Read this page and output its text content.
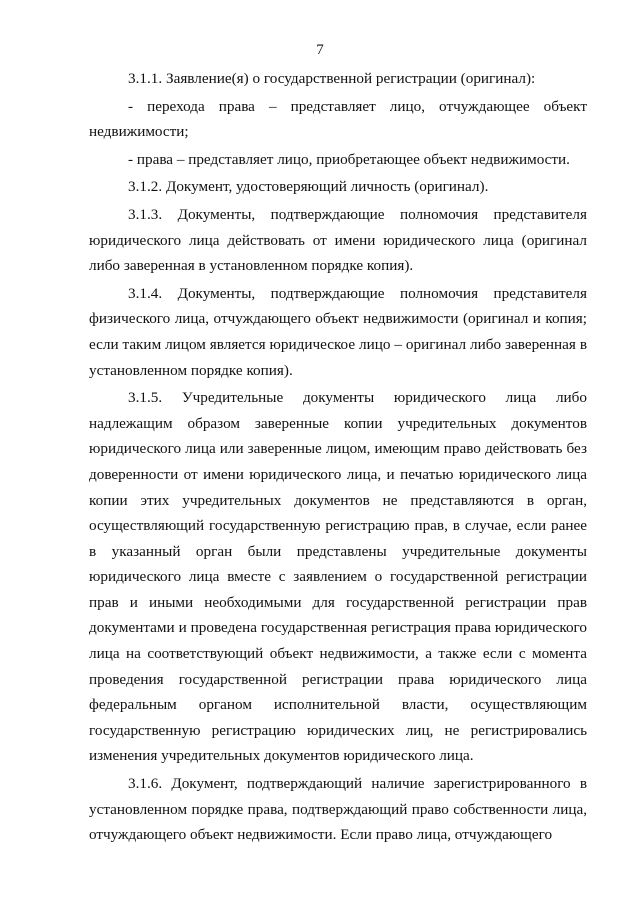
7

3.1.1. Заявление(я) о государственной регистрации (оригинал):

- перехода права – представляет лицо, отчуждающее объект недвижимости;

- права – представляет лицо, приобретающее объект недвижимости.

3.1.2. Документ, удостоверяющий личность (оригинал).

3.1.3. Документы, подтверждающие полномочия представителя юридического лица действовать от имени юридического лица (оригинал либо заверенная в установленном порядке копия).

3.1.4. Документы, подтверждающие полномочия представителя физического лица, отчуждающего объект недвижимости (оригинал и копия; если таким лицом является юридическое лицо – оригинал либо заверенная в установленном порядке копия).

3.1.5. Учредительные документы юридического лица либо надлежащим образом заверенные копии учредительных документов юридического лица или заверенные лицом, имеющим право действовать без доверенности от имени юридического лица, и печатью юридического лица копии этих учредительных документов не представляются в орган, осуществляющий государственную регистрацию прав, в случае, если ранее в указанный орган были представлены учредительные документы юридического лица вместе с заявлением о государственной регистрации прав и иными необходимыми для государственной регистрации прав документами и проведена государственная регистрация права юридического лица на соответствующий объект недвижимости, а также если с момента проведения государственной регистрации права юридического лица федеральным органом исполнительной власти, осуществляющим государственную регистрацию юридических лиц, не регистрировались изменения учредительных документов юридического лица.

3.1.6. Документ, подтверждающий наличие зарегистрированного в установленном порядке права, подтверждающий право собственности лица, отчуждающего объект недвижимости. Если право лица, отчуждающего
